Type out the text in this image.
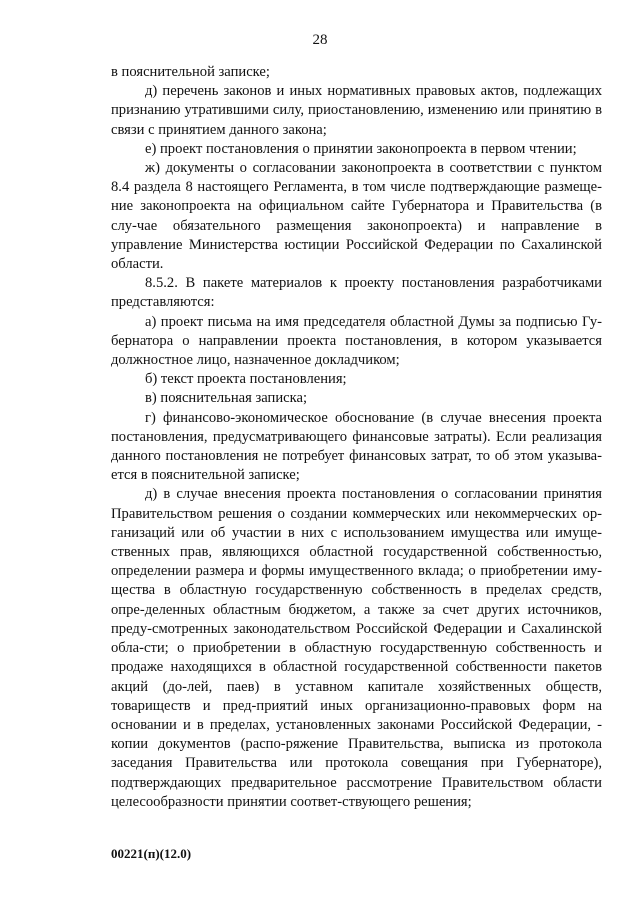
28

в пояснительной записке;

д) перечень законов и иных нормативных правовых актов, подлежащих признанию утратившими силу, приостановлению, изменению или принятию в связи с принятием данного закона;

е) проект постановления о принятии законопроекта в первом чтении;

ж) документы о согласовании законопроекта в соответствии с пунктом 8.4 раздела 8 настоящего Регламента, в том числе подтверждающие размеще-ние законопроекта на официальном сайте Губернатора и Правительства (в слу-чае обязательного размещения законопроекта) и направление в управление Министерства юстиции Российской Федерации по Сахалинской области.

8.5.2. В пакете материалов к проекту постановления разработчиками представляются:

а) проект письма на имя председателя областной Думы за подписью Гу-бернатора о направлении проекта постановления, в котором указывается должностное лицо, назначенное докладчиком;

б) текст проекта постановления;

в) пояснительная записка;

г) финансово-экономическое обоснование (в случае внесения проекта постановления, предусматривающего финансовые затраты). Если реализация данного постановления не потребует финансовых затрат, то об этом указыва-ется в пояснительной записке;

д) в случае внесения проекта постановления о согласовании принятия Правительством решения о создании коммерческих или некоммерческих ор-ганизаций или об участии в них с использованием имущества или имуще-ственных прав, являющихся областной государственной собственностью, определении размера и формы имущественного вклада; о приобретении иму-щества в областную государственную собственность в пределах средств, опре-деленных областным бюджетом, а также за счет других источников, преду-смотренных законодательством Российской Федерации и Сахалинской обла-сти; о приобретении в областную государственную собственность и продаже находящихся в областной государственной собственности пакетов акций (до-лей, паев) в уставном капитале хозяйственных обществ, товариществ и пред-приятий иных организационно-правовых форм на основании и в пределах, установленных законами Российской Федерации, - копии документов (распо-ряжение Правительства, выписка из протокола заседания Правительства или протокола совещания при Губернаторе), подтверждающих предварительное рассмотрение Правительством области целесообразности принятии соответ-ствующего решения;

00221(п)(12.0)
